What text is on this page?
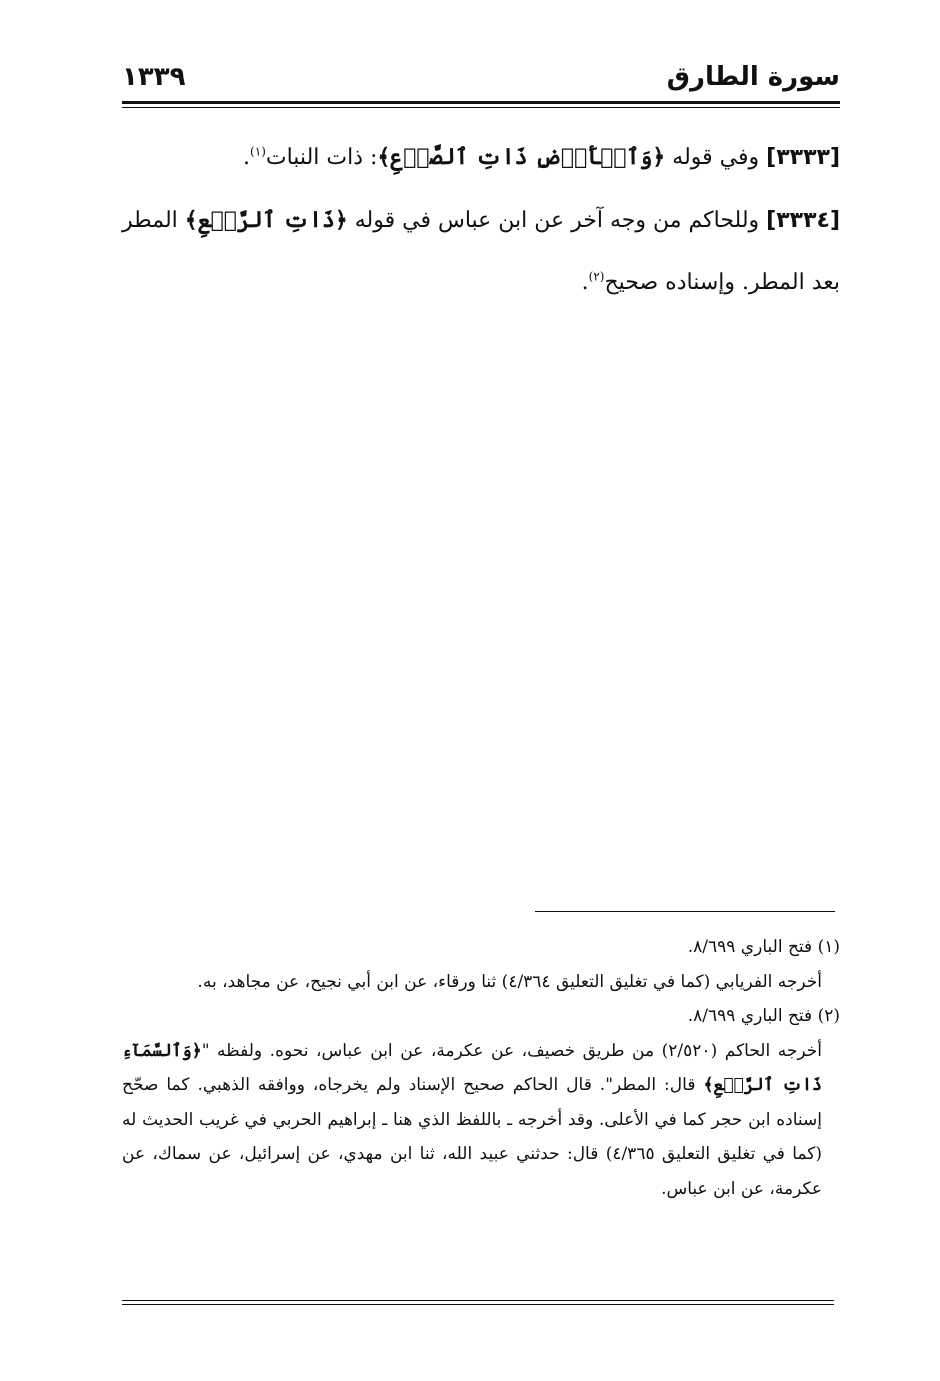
١٣٣٩	سورة الطارق

[٣٣٣٣] وفي قوله ﴿وَٱلۡأَرۡضِ ذَاتِ ٱلصَّدۡعِ﴾: ذات النبات$^{(١)}$.

[٣٣٣٤] وللحاكم من وجه آخر عن ابن عباس في قوله ﴿ذَاتِ ٱلرَّجۡعِ﴾ المطر بعد المطر. وإسناده صحيح$^{(٢)}$.

(١) فتح الباري ٨/٦٩٩.

أخرجه الفريابي (كما في تغليق التعليق ٤/٣٦٤) ثنا ورقاء، عن ابن أبي نجيح، عن مجاهد، به.

(٢) فتح الباري ٨/٦٩٩.

أخرجه الحاكم (٢/٥٢٠) من طريق خصيف، عن عكرمة، عن ابن عباس، نحوه. ولفظه "﴿وَٱلسَّمَآءِ ذَاتِ ٱلرَّجۡعِ﴾ قال: المطر". قال الحاكم صحيح الإسناد ولم يخرجاه، ووافقه الذهبي. كما صحّح إسناده ابن حجر كما في الأعلى. وقد أخرجه ـ باللفظ الذي هنا ـ إبراهيم الحربي في غريب الحديث له (كما في تغليق التعليق ٤/٣٦٥) قال: حدثني عبيد الله، ثنا ابن مهدي، عن إسرائيل، عن سماك، عن عكرمة، عن ابن عباس.
